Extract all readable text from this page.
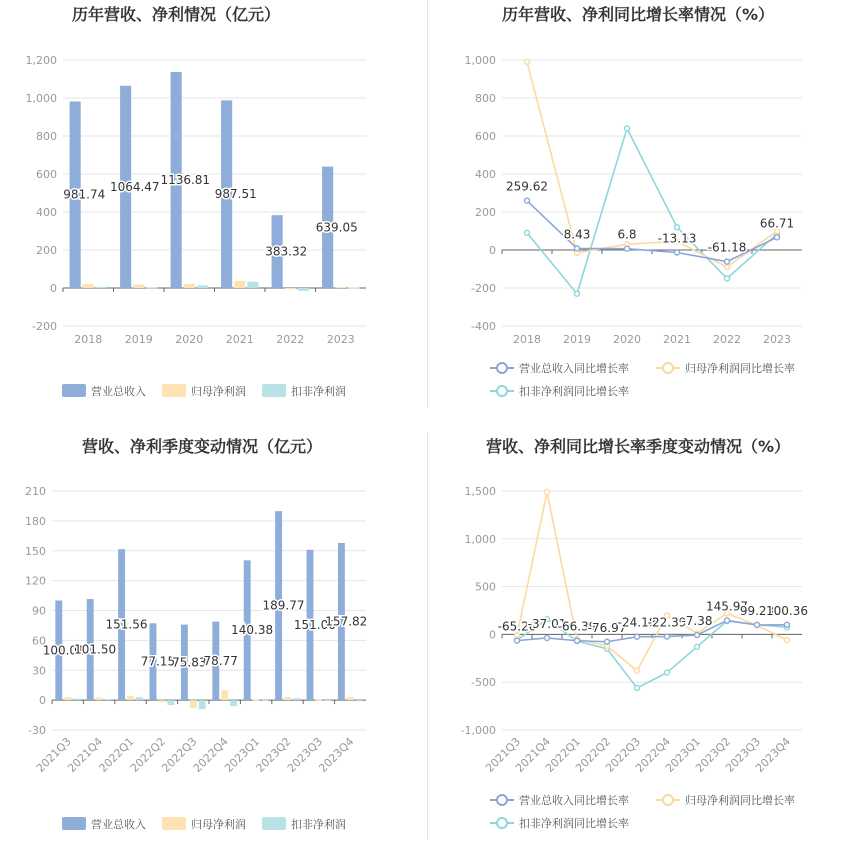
历年营收、净利情况（亿元）
-200
0
200
400
600
800
1,000
1,200
2018 2019 2020 2021 2022 2023
981.74
1064.47 1136.81
987.51
383.32
639.05
营业总收入	归母净利润	扣非净利润
历年营收、净利同比增长率情况（%）
-400
-200
0
200
400
600
800
1,000
2018 2019 2020 2021 2022 2023
259.62
8.43 6.8 -13.13
-61.18
66.71
营业总收入同比增长率	归母净利润同比增长率
扣非净利润同比增长率
营收、净利季度变动情况（亿元）
-30
0
30
60
90
120
150
180
210
2021Q3
2021Q4
2022Q1
2022Q2
2022Q3
2022Q4
2023Q1
2023Q2
2023Q3
2023Q4
100.01
101.50
151.56
77.15
75.83
78.77
140.38
189.77
151.00
157.82
营业总收入	归母净利润	扣非净利润
营收、净利同比增长率季度变动情况（%）
-1,000
-500
0
500
1,000
1,500
2021Q3
2021Q4
2022Q1
2022Q2
2022Q3
2022Q4
2023Q1
2023Q2
2023Q3
2023Q4
-65.26
-37.01
-66.39
-76.97
-24.18
-22.39
-7.38
145.97
99.23
100.36
营业总收入同比增长率	归母净利润同比增长率
扣非净利润同比增长率
